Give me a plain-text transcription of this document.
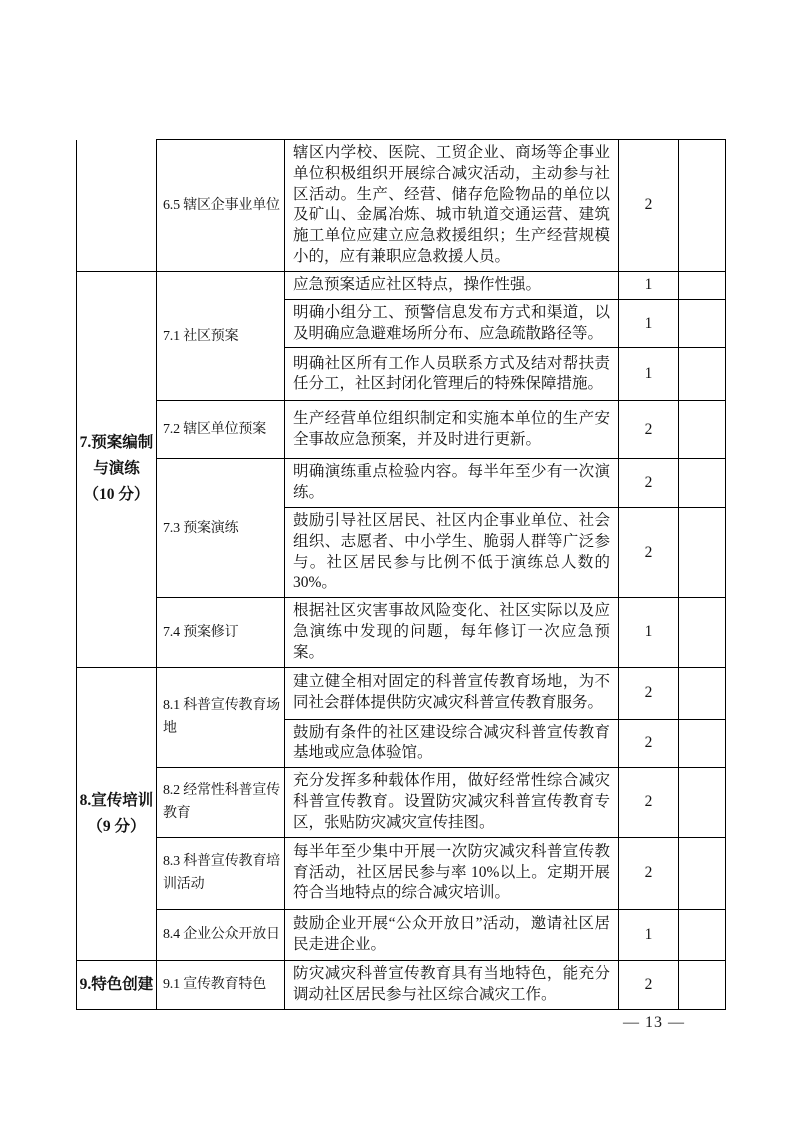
	6.5 辖区企事业单位	辖区内学校、医院、工贸企业、商场等企事业单位积极组织开展综合减灾活动，主动参与社区活动。生产、经营、储存危险物品的单位以及矿山、金属冶炼、城市轨道交通运营、建筑施工单位应建立应急救援组织；生产经营规模小的，应有兼职应急救援人员。	2	
7.预案编制与演练（10 分）	7.1 社区预案	应急预案适应社区特点，操作性强。	1	
		明确小组分工、预警信息发布方式和渠道，以及明确应急避难场所分布、应急疏散路径等。	1	
		明确社区所有工作人员联系方式及结对帮扶责任分工，社区封闭化管理后的特殊保障措施。	1	
	7.2 辖区单位预案	生产经营单位组织制定和实施本单位的生产安全事故应急预案，并及时进行更新。	2	
	7.3 预案演练	明确演练重点检验内容。每半年至少有一次演练。	2	
		鼓励引导社区居民、社区内企事业单位、社会组织、志愿者、中小学生、脆弱人群等广泛参与。社区居民参与比例不低于演练总人数的30%。	2	
	7.4 预案修订	根据社区灾害事故风险变化、社区实际以及应急演练中发现的问题，每年修订一次应急预案。	1	
8.宣传培训（9 分）	8.1 科普宣传教育场地	建立健全相对固定的科普宣传教育场地，为不同社会群体提供防灾减灾科普宣传教育服务。	2	
		鼓励有条件的社区建设综合减灾科普宣传教育基地或应急体验馆。	2	
	8.2 经常性科普宣传教育	充分发挥多种载体作用，做好经常性综合减灾科普宣传教育。设置防灾减灾科普宣传教育专区，张贴防灾减灾宣传挂图。	2	
	8.3 科普宣传教育培训活动	每半年至少集中开展一次防灾减灾科普宣传教育活动，社区居民参与率 10%以上。定期开展符合当地特点的综合减灾培训。	2	
	8.4 企业公众开放日	鼓励企业开展“公众开放日”活动，邀请社区居民走进企业。	1	
9.特色创建	9.1 宣传教育特色	防灾减灾科普宣传教育具有当地特色，能充分调动社区居民参与社区综合减灾工作。	2	
— 13 —
